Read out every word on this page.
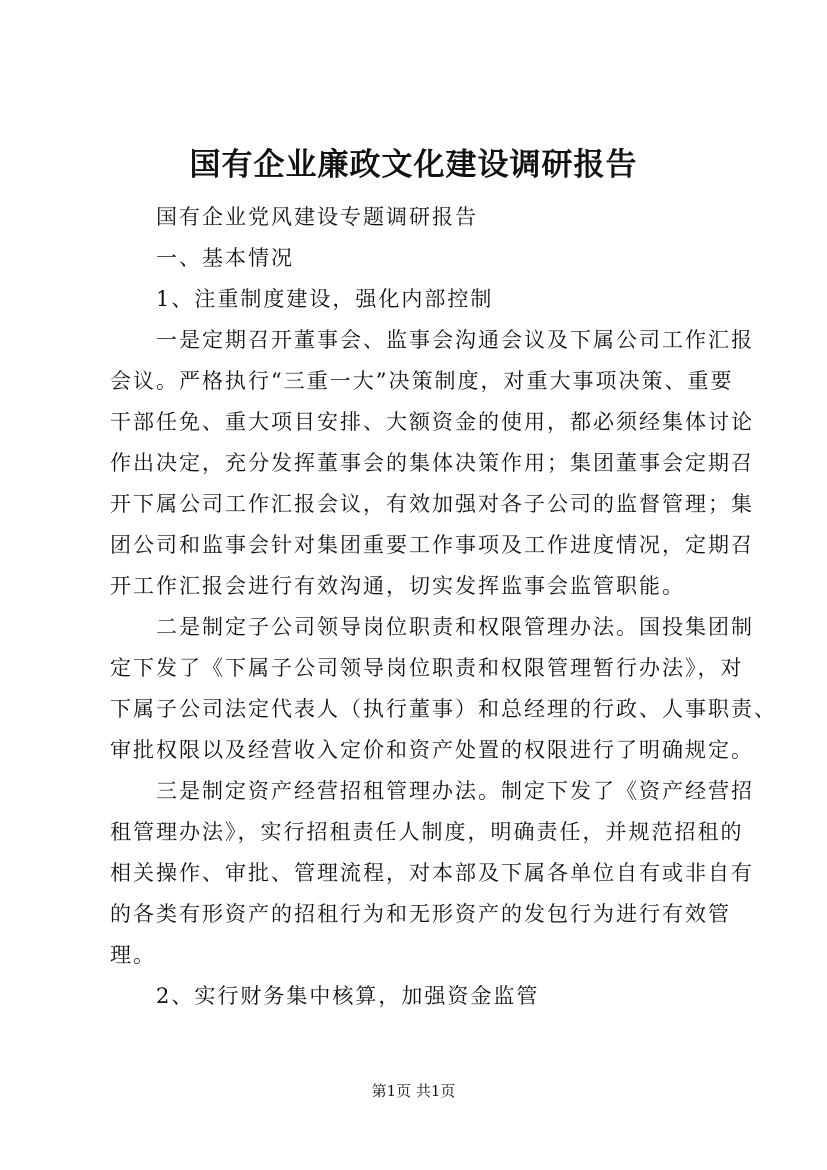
国有企业廉政文化建设调研报告
国有企业党风建设专题调研报告
一、基本情况
1、注重制度建设，强化内部控制
一是定期召开董事会、监事会沟通会议及下属公司工作汇报
会议。严格执行“三重一大”决策制度，对重大事项决策、重要
干部任免、重大项目安排、大额资金的使用，都必须经集体讨论
作出决定，充分发挥董事会的集体决策作用；集团董事会定期召
开下属公司工作汇报会议，有效加强对各子公司的监督管理；集
团公司和监事会针对集团重要工作事项及工作进度情况，定期召
开工作汇报会进行有效沟通，切实发挥监事会监管职能。
二是制定子公司领导岗位职责和权限管理办法。国投集团制
定下发了《下属子公司领导岗位职责和权限管理暂行办法》，对
下属子公司法定代表人（执行董事）和总经理的行政、人事职责、
审批权限以及经营收入定价和资产处置的权限进行了明确规定。
三是制定资产经营招租管理办法。制定下发了《资产经营招
租管理办法》，实行招租责任人制度，明确责任，并规范招租的
相关操作、审批、管理流程，对本部及下属各单位自有或非自有
的各类有形资产的招租行为和无形资产的发包行为进行有效管
理。
2、实行财务集中核算，加强资金监管
第1页 共1页
